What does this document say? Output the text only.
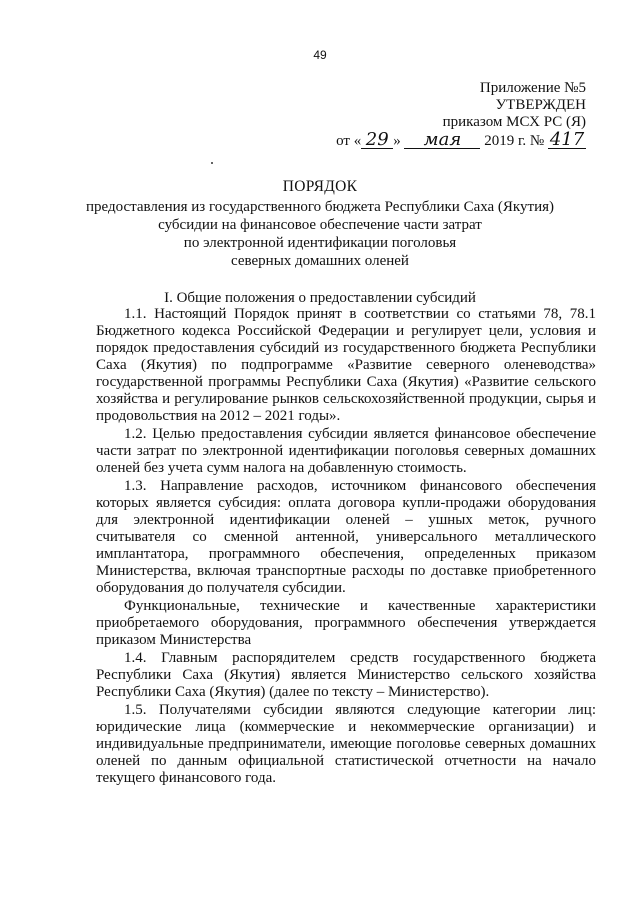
49
Приложение №5
УТВЕРЖДЕН
приказом МСХ РС (Я)
от « 29 » мая 2019 г. № 417
ПОРЯДОК
предоставления из государственного бюджета Республики Саха (Якутия)
субсидии на финансовое обеспечение части затрат
по электронной идентификации поголовья
северных домашних оленей
I. Общие положения о предоставлении субсидий

1.1. Настоящий Порядок принят в соответствии со статьями 78, 78.1 Бюджетного кодекса Российской Федерации и регулирует цели, условия и порядок предоставления субсидий из государственного бюджета Республики Саха (Якутия) по подпрограмме «Развитие северного оленеводства» государственной программы Республики Саха (Якутия) «Развитие сельского хозяйства и регулирование рынков сельскохозяйственной продукции, сырья и продовольствия на 2012 – 2021 годы».

1.2. Целью предоставления субсидии является финансовое обеспечение части затрат по электронной идентификации поголовья северных домашних оленей без учета сумм налога на добавленную стоимость.

1.3. Направление расходов, источником финансового обеспечения которых является субсидия: оплата договора купли-продажи оборудования для электронной идентификации оленей – ушных меток, ручного считывателя со сменной антенной, универсального металлического имплантатора, программного обеспечения, определенных приказом Министерства, включая транспортные расходы по доставке приобретенного оборудования до получателя субсидии.

Функциональные, технические и качественные характеристики приобретаемого оборудования, программного обеспечения утверждается приказом Министерства

1.4. Главным распорядителем средств государственного бюджета Республики Саха (Якутия) является Министерство сельского хозяйства Республики Саха (Якутия) (далее по тексту – Министерство).

1.5. Получателями субсидии являются следующие категории лиц: юридические лица (коммерческие и некоммерческие организации) и индивидуальные предприниматели, имеющие поголовье северных домашних оленей по данным официальной статистической отчетности на начало текущего финансового года.
